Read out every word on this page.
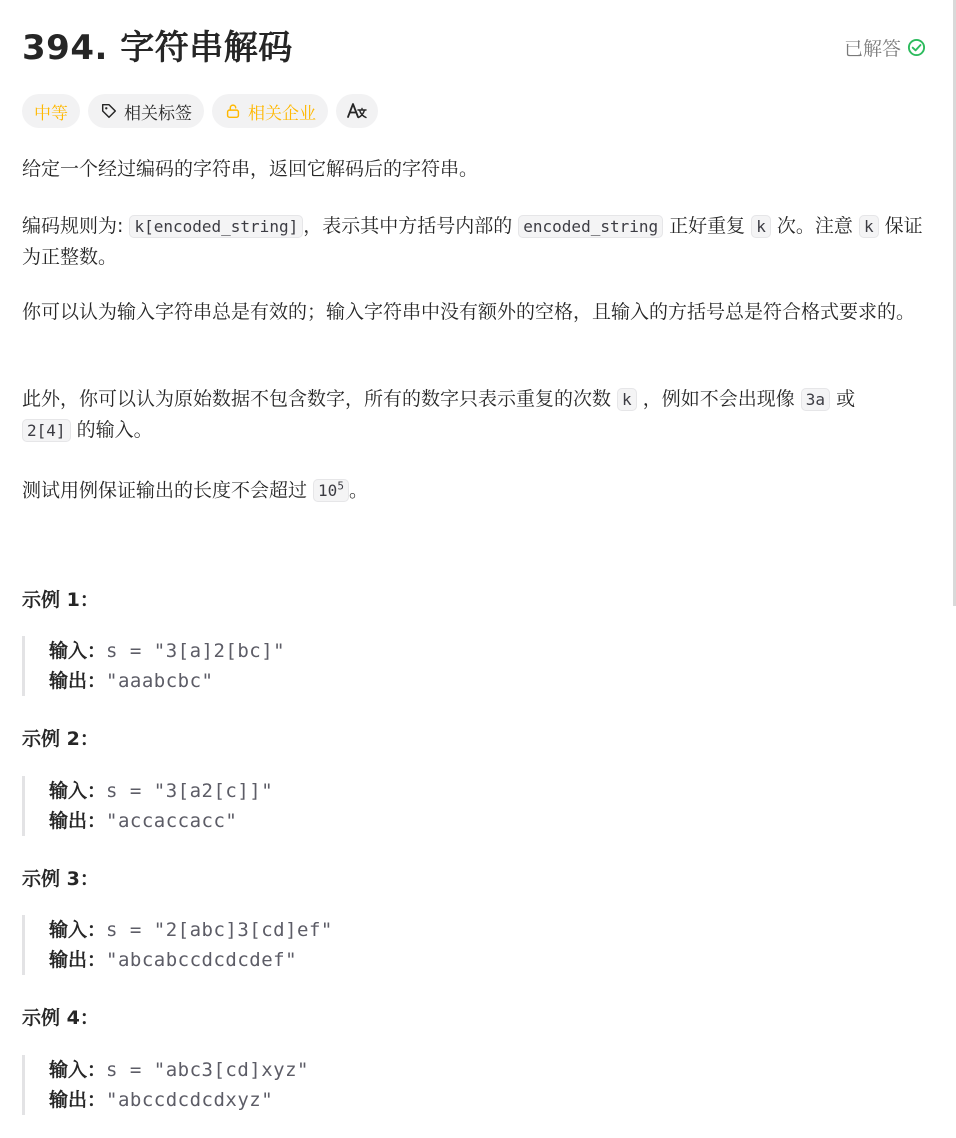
394. 字符串解码	已解答
中等	相关标签	相关企业
给定一个经过编码的字符串，返回它解码后的字符串。
编码规则为: k[encoded_string] ，表示其中方括号内部的 encoded_string 正好重复 k 次。注意 k 保证为正整数。
你可以认为输入字符串总是有效的；输入字符串中没有额外的空格，且输入的方括号总是符合格式要求的。
此外，你可以认为原始数据不包含数字，所有的数字只表示重复的次数 k ，例如不会出现像 3a 或 2[4] 的输入。
测试用例保证输出的长度不会超过 $10^5$ 。
示例 1：
输入：s = "3[a]2[bc]"
输出："aaabcbc"
示例 2：
输入：s = "3[a2[c]]"
输出："accaccacc"
示例 3：
输入：s = "2[abc]3[cd]ef"
输出："abcabccdcdcdef"
示例 4：
输入：s = "abc3[cd]xyz"
输出："abccdcdcdxyz"
